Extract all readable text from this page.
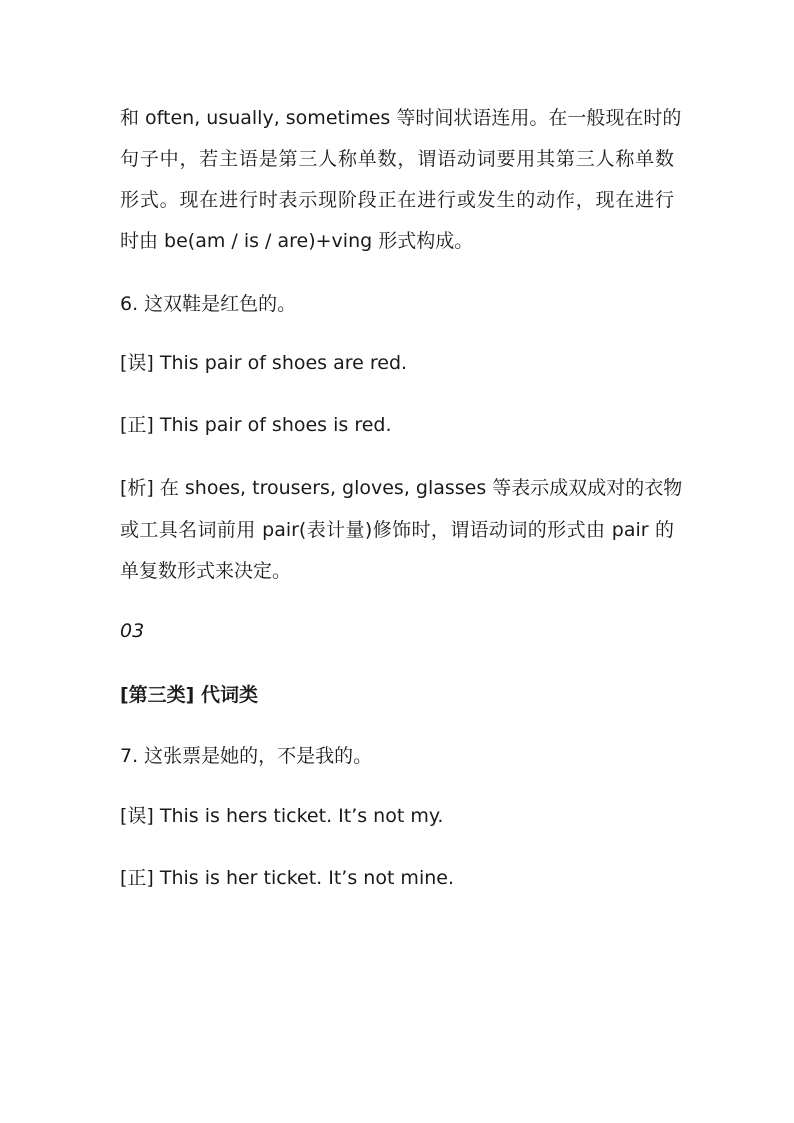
和 often, usually, sometimes 等时间状语连用。在一般现在时的
句子中，若主语是第三人称单数，谓语动词要用其第三人称单数
形式。现在进行时表示现阶段正在进行或发生的动作，现在进行
时由 be(am / is / are)+ving 形式构成。
6. 这双鞋是红色的。
[误] This pair of shoes are red.
[正] This pair of shoes is red.
[析] 在 shoes, trousers, gloves, glasses 等表示成双成对的衣物
或工具名词前用 pair(表计量)修饰时，谓语动词的形式由 pair 的
单复数形式来决定。
03
[第三类] 代词类
7. 这张票是她的，不是我的。
[误] This is hers ticket. It’s not my.
[正] This is her ticket. It’s not mine.
